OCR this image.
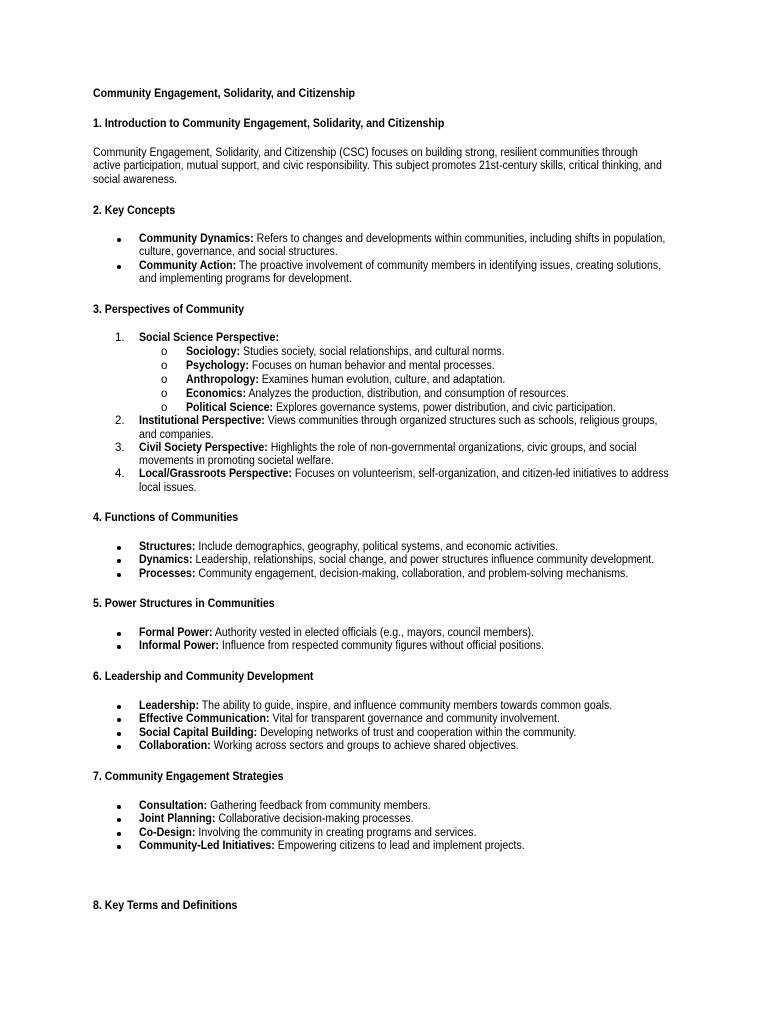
Community Engagement, Solidarity, and Citizenship
1. Introduction to Community Engagement, Solidarity, and Citizenship
Community Engagement, Solidarity, and Citizenship (CSC) focuses on building strong, resilient communities through active participation, mutual support, and civic responsibility. This subject promotes 21st-century skills, critical thinking, and social awareness.
2. Key Concepts
Community Dynamics: Refers to changes and developments within communities, including shifts in population, culture, governance, and social structures.
Community Action: The proactive involvement of community members in identifying issues, creating solutions, and implementing programs for development.
3. Perspectives of Community
1.	Social Science Perspective:
o	Sociology: Studies society, social relationships, and cultural norms.
o	Psychology: Focuses on human behavior and mental processes.
o	Anthropology: Examines human evolution, culture, and adaptation.
o	Economics: Analyzes the production, distribution, and consumption of resources.
o	Political Science: Explores governance systems, power distribution, and civic participation.
2.	Institutional Perspective: Views communities through organized structures such as schools, religious groups, and companies.
3.	Civil Society Perspective: Highlights the role of non-governmental organizations, civic groups, and social movements in promoting societal welfare.
4.	Local/Grassroots Perspective: Focuses on volunteerism, self-organization, and citizen-led initiatives to address local issues.
4. Functions of Communities
Structures: Include demographics, geography, political systems, and economic activities.
Dynamics: Leadership, relationships, social change, and power structures influence community development.
Processes: Community engagement, decision-making, collaboration, and problem-solving mechanisms.
5. Power Structures in Communities
Formal Power: Authority vested in elected officials (e.g., mayors, council members).
Informal Power: Influence from respected community figures without official positions.
6. Leadership and Community Development
Leadership: The ability to guide, inspire, and influence community members towards common goals.
Effective Communication: Vital for transparent governance and community involvement.
Social Capital Building: Developing networks of trust and cooperation within the community.
Collaboration: Working across sectors and groups to achieve shared objectives.
7. Community Engagement Strategies
Consultation: Gathering feedback from community members.
Joint Planning: Collaborative decision-making processes.
Co-Design: Involving the community in creating programs and services.
Community-Led Initiatives: Empowering citizens to lead and implement projects.
8. Key Terms and Definitions
